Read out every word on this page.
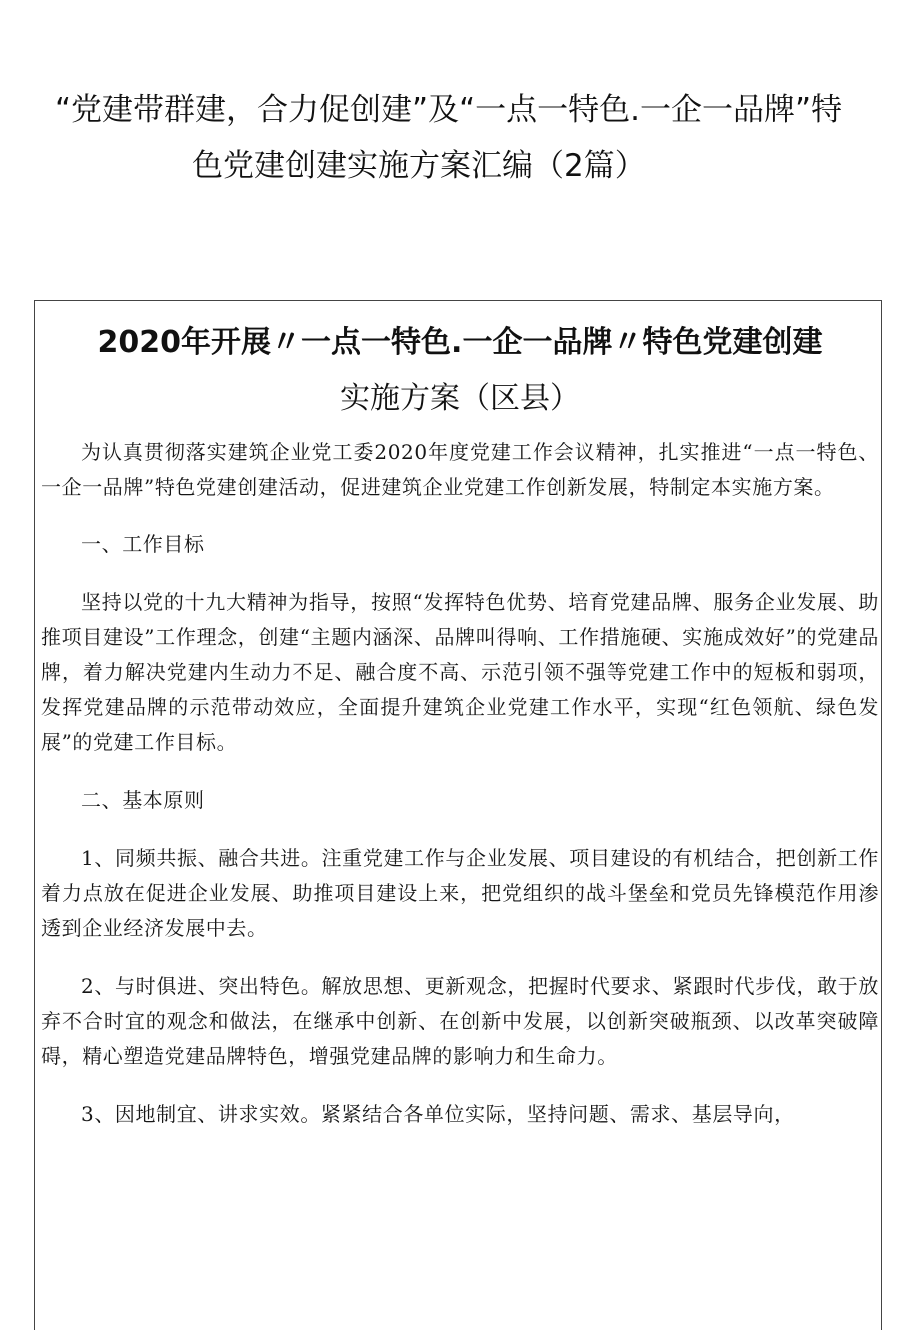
“党建带群建，合力促创建”及“一点一特色.一企一品牌”特
色党建创建实施方案汇编（2篇）
2020年开展〃一点一特色.一企一品牌〃特色党建创建
实施方案（区县）

为认真贯彻落实建筑企业党工委2020年度党建工作会议精神，扎实推进“一点一特色、一企一品牌”特色党建创建活动，促进建筑企业党建工作创新发展，特制定本实施方案。

一、工作目标

坚持以党的十九大精神为指导，按照“发挥特色优势、培育党建品牌、服务企业发展、助推项目建设”工作理念，创建“主题内涵深、品牌叫得响、工作措施硬、实施成效好”的党建品牌，着力解决党建内生动力不足、融合度不高、示范引领不强等党建工作中的短板和弱项，发挥党建品牌的示范带动效应，全面提升建筑企业党建工作水平，实现“红色领航、绿色发展”的党建工作目标。

二、基本原则

1、同频共振、融合共进。注重党建工作与企业发展、项目建设的有机结合，把创新工作着力点放在促进企业发展、助推项目建设上来，把党组织的战斗堡垒和党员先锋模范作用渗透到企业经济发展中去。

2、与时俱进、突出特色。解放思想、更新观念，把握时代要求、紧跟时代步伐，敢于放弃不合时宜的观念和做法，在继承中创新、在创新中发展，以创新突破瓶颈、以改革突破障碍，精心塑造党建品牌特色，增强党建品牌的影响力和生命力。

3、因地制宜、讲求实效。紧紧结合各单位实际，坚持问题、需求、基层导向，
